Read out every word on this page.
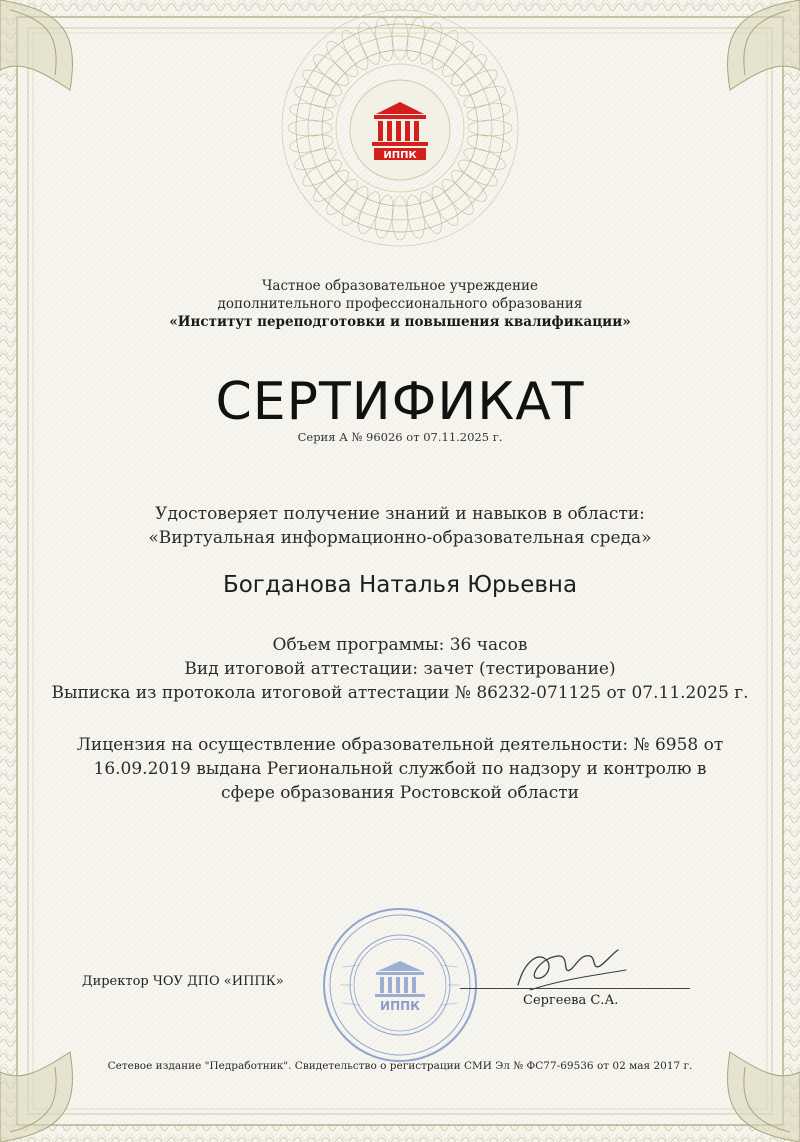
ИППК
Частное образовательное учреждение
дополнительного профессионального образования
«Институт переподготовки и повышения квалификации»
СЕРТИФИКАТ
Серия А № 96026 от 07.11.2025 г.
Удостоверяет получение знаний и навыков в области:
«Виртуальная информационно-образовательная среда»
Богданова Наталья Юрьевна
Объем программы: 36 часов
Вид итоговой аттестации: зачет (тестирование)
Выписка из протокола итоговой аттестации № 86232-071125 от 07.11.2025 г.
Лицензия на осуществление образовательной деятельности: № 6958 от 16.09.2019 выдана Региональной службой по надзору и контролю в сфере образования Ростовской области
ИППК
Директор ЧОУ ДПО «ИППК»
Сергеева С.А.
Сетевое издание "Педработник". Свидетельство о регистрации СМИ Эл № ФС77-69536 от 02 мая 2017 г.
